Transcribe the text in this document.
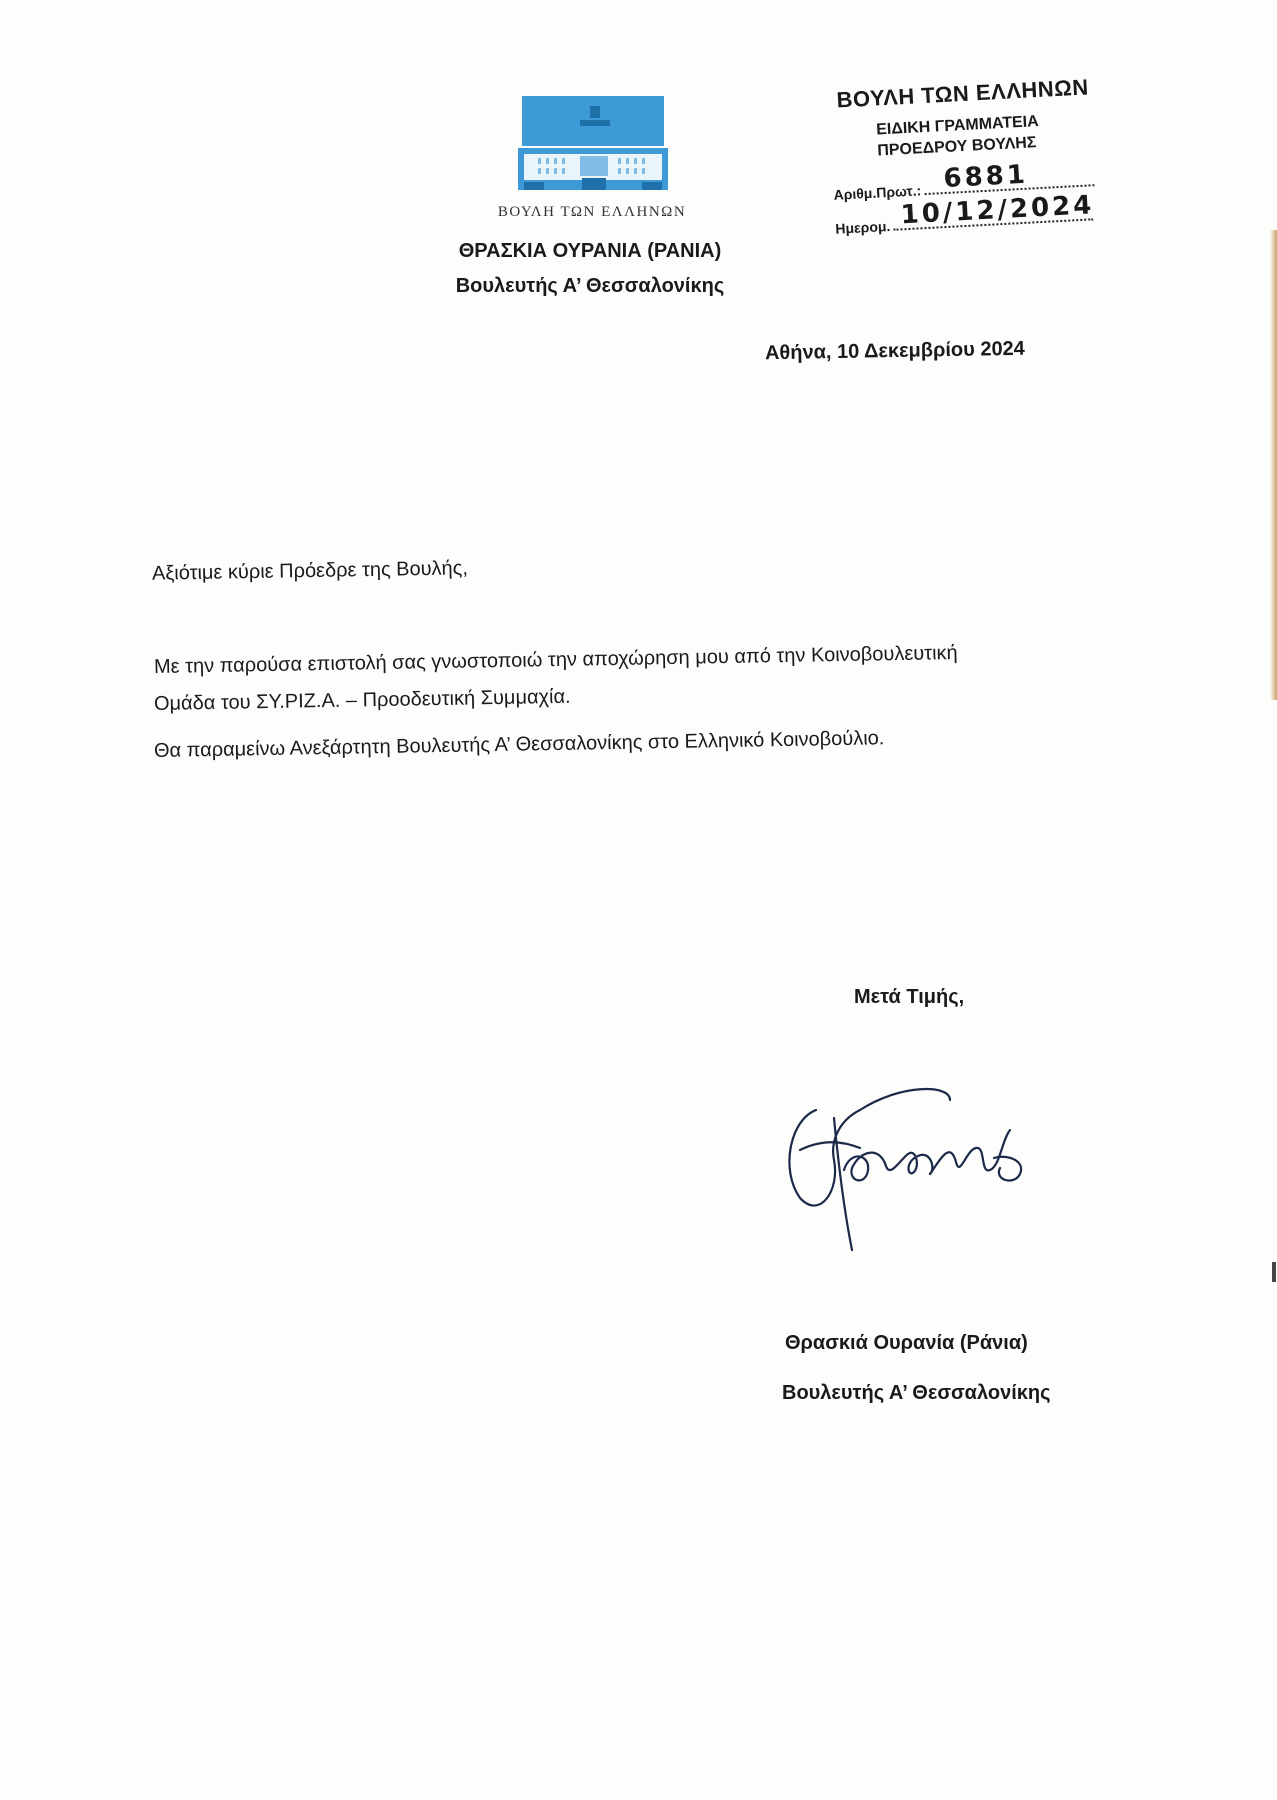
ΒΟΥΛΗ ΤΩΝ ΕΛΛΗΝΩΝ
ΘΡΑΣΚΙΑ ΟΥΡΑΝΙΑ (ΡΑΝΙΑ)
Βουλευτής Α’ Θεσσαλονίκης
ΒΟΥΛΗ ΤΩΝ ΕΛΛΗΝΩΝ
ΕΙΔΙΚΗ ΓΡΑΜΜΑΤΕΙΑ
ΠΡΟΕΔΡΟΥ ΒΟΥΛΗΣ
Αριθμ.Πρωτ.: 6881
Ημερομ. 10/12/2024
Αθήνα, 10 Δεκεμβρίου 2024
Αξιότιμε κύριε Πρόεδρε της Βουλής,
Με την παρούσα επιστολή σας γνωστοποιώ την αποχώρηση μου από την Κοινοβουλευτική
Ομάδα του ΣΥ.ΡΙΖ.Α. – Προοδευτική Συμμαχία.
Θα παραμείνω Ανεξάρτητη Βουλευτής Α’ Θεσσαλονίκης στο Ελληνικό Κοινοβούλιο.
Μετά Τιμής,
Θρασκιά Ουρανία (Ράνια)
Βουλευτής Α’ Θεσσαλονίκης
